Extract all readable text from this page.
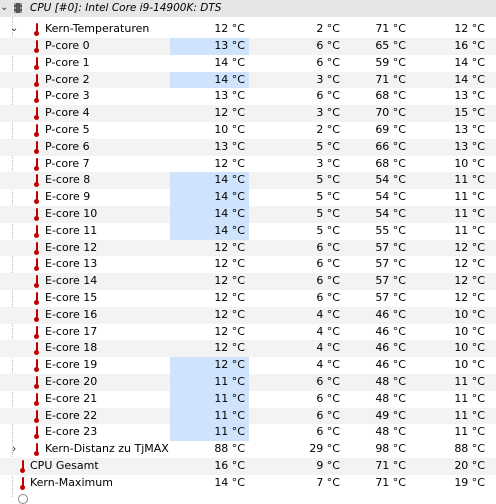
⌄ CPU [#0]: Intel Core i9-14900K: DTS
⌄ Kern-Temperaturen	12 °C	2 °C	71 °C	12 °C
P-core 0	13 °C	6 °C	65 °C	16 °C
P-core 1	14 °C	6 °C	59 °C	14 °C
P-core 2	14 °C	3 °C	71 °C	14 °C
P-core 3	13 °C	6 °C	68 °C	13 °C
P-core 4	12 °C	3 °C	70 °C	15 °C
P-core 5	10 °C	2 °C	69 °C	13 °C
P-core 6	13 °C	5 °C	66 °C	13 °C
P-core 7	12 °C	3 °C	68 °C	10 °C
E-core 8	14 °C	5 °C	54 °C	11 °C
E-core 9	14 °C	5 °C	54 °C	11 °C
E-core 10	14 °C	5 °C	54 °C	11 °C
E-core 11	14 °C	5 °C	55 °C	11 °C
E-core 12	12 °C	6 °C	57 °C	12 °C
E-core 13	12 °C	6 °C	57 °C	12 °C
E-core 14	12 °C	6 °C	57 °C	12 °C
E-core 15	12 °C	6 °C	57 °C	12 °C
E-core 16	12 °C	4 °C	46 °C	10 °C
E-core 17	12 °C	4 °C	46 °C	10 °C
E-core 18	12 °C	4 °C	46 °C	10 °C
E-core 19	12 °C	4 °C	46 °C	10 °C
E-core 20	11 °C	6 °C	48 °C	11 °C
E-core 21	11 °C	6 °C	48 °C	11 °C
E-core 22	11 °C	6 °C	49 °C	11 °C
E-core 23	11 °C	6 °C	48 °C	11 °C
›	Kern-Distanz zu TjMAX	88 °C	29 °C	98 °C	88 °C
CPU Gesamt	16 °C	9 °C	71 °C	20 °C
Kern-Maximum	14 °C	7 °C	71 °C	19 °C
